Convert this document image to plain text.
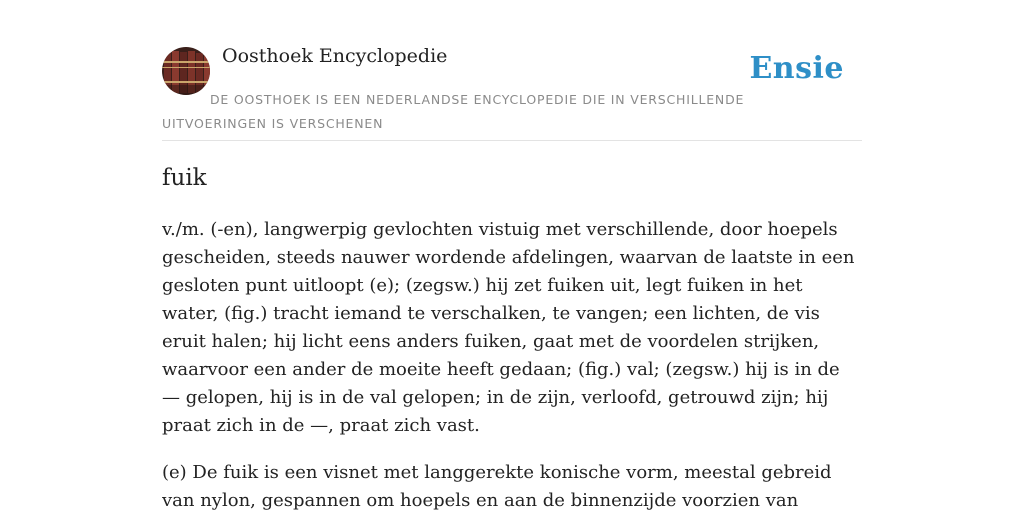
Oosthoek Encyclopedie	Ensie
DE OOSTHOEK IS EEN NEDERLANDSE ENCYCLOPEDIE DIE IN VERSCHILLENDE UITVOERINGEN IS VERSCHENEN
fuik

v./m. (-en), langwerpig gevlochten vistuig met verschillende, door hoepels gescheiden, steeds nauwer wordende afdelingen, waarvan de laatste in een gesloten punt uitloopt (e); (zegsw.) hij zet fuiken uit, legt fuiken in het water, (fig.) tracht iemand te verschalken, te vangen; een lichten, de vis eruit halen; hij licht eens anders fuiken, gaat met de voordelen strijken, waarvoor een ander de moeite heeft gedaan; (fig.) val; (zegsw.) hij is in de — gelopen, hij is in de val gelopen; in de zijn, verloofd, getrouwd zijn; hij praat zich in de —, praat zich vast.

(e) De fuik is een visnet met langgerekte konische vorm, meestal gebreid van nylon, gespannen om hoepels en aan de binnenzijde voorzien van
